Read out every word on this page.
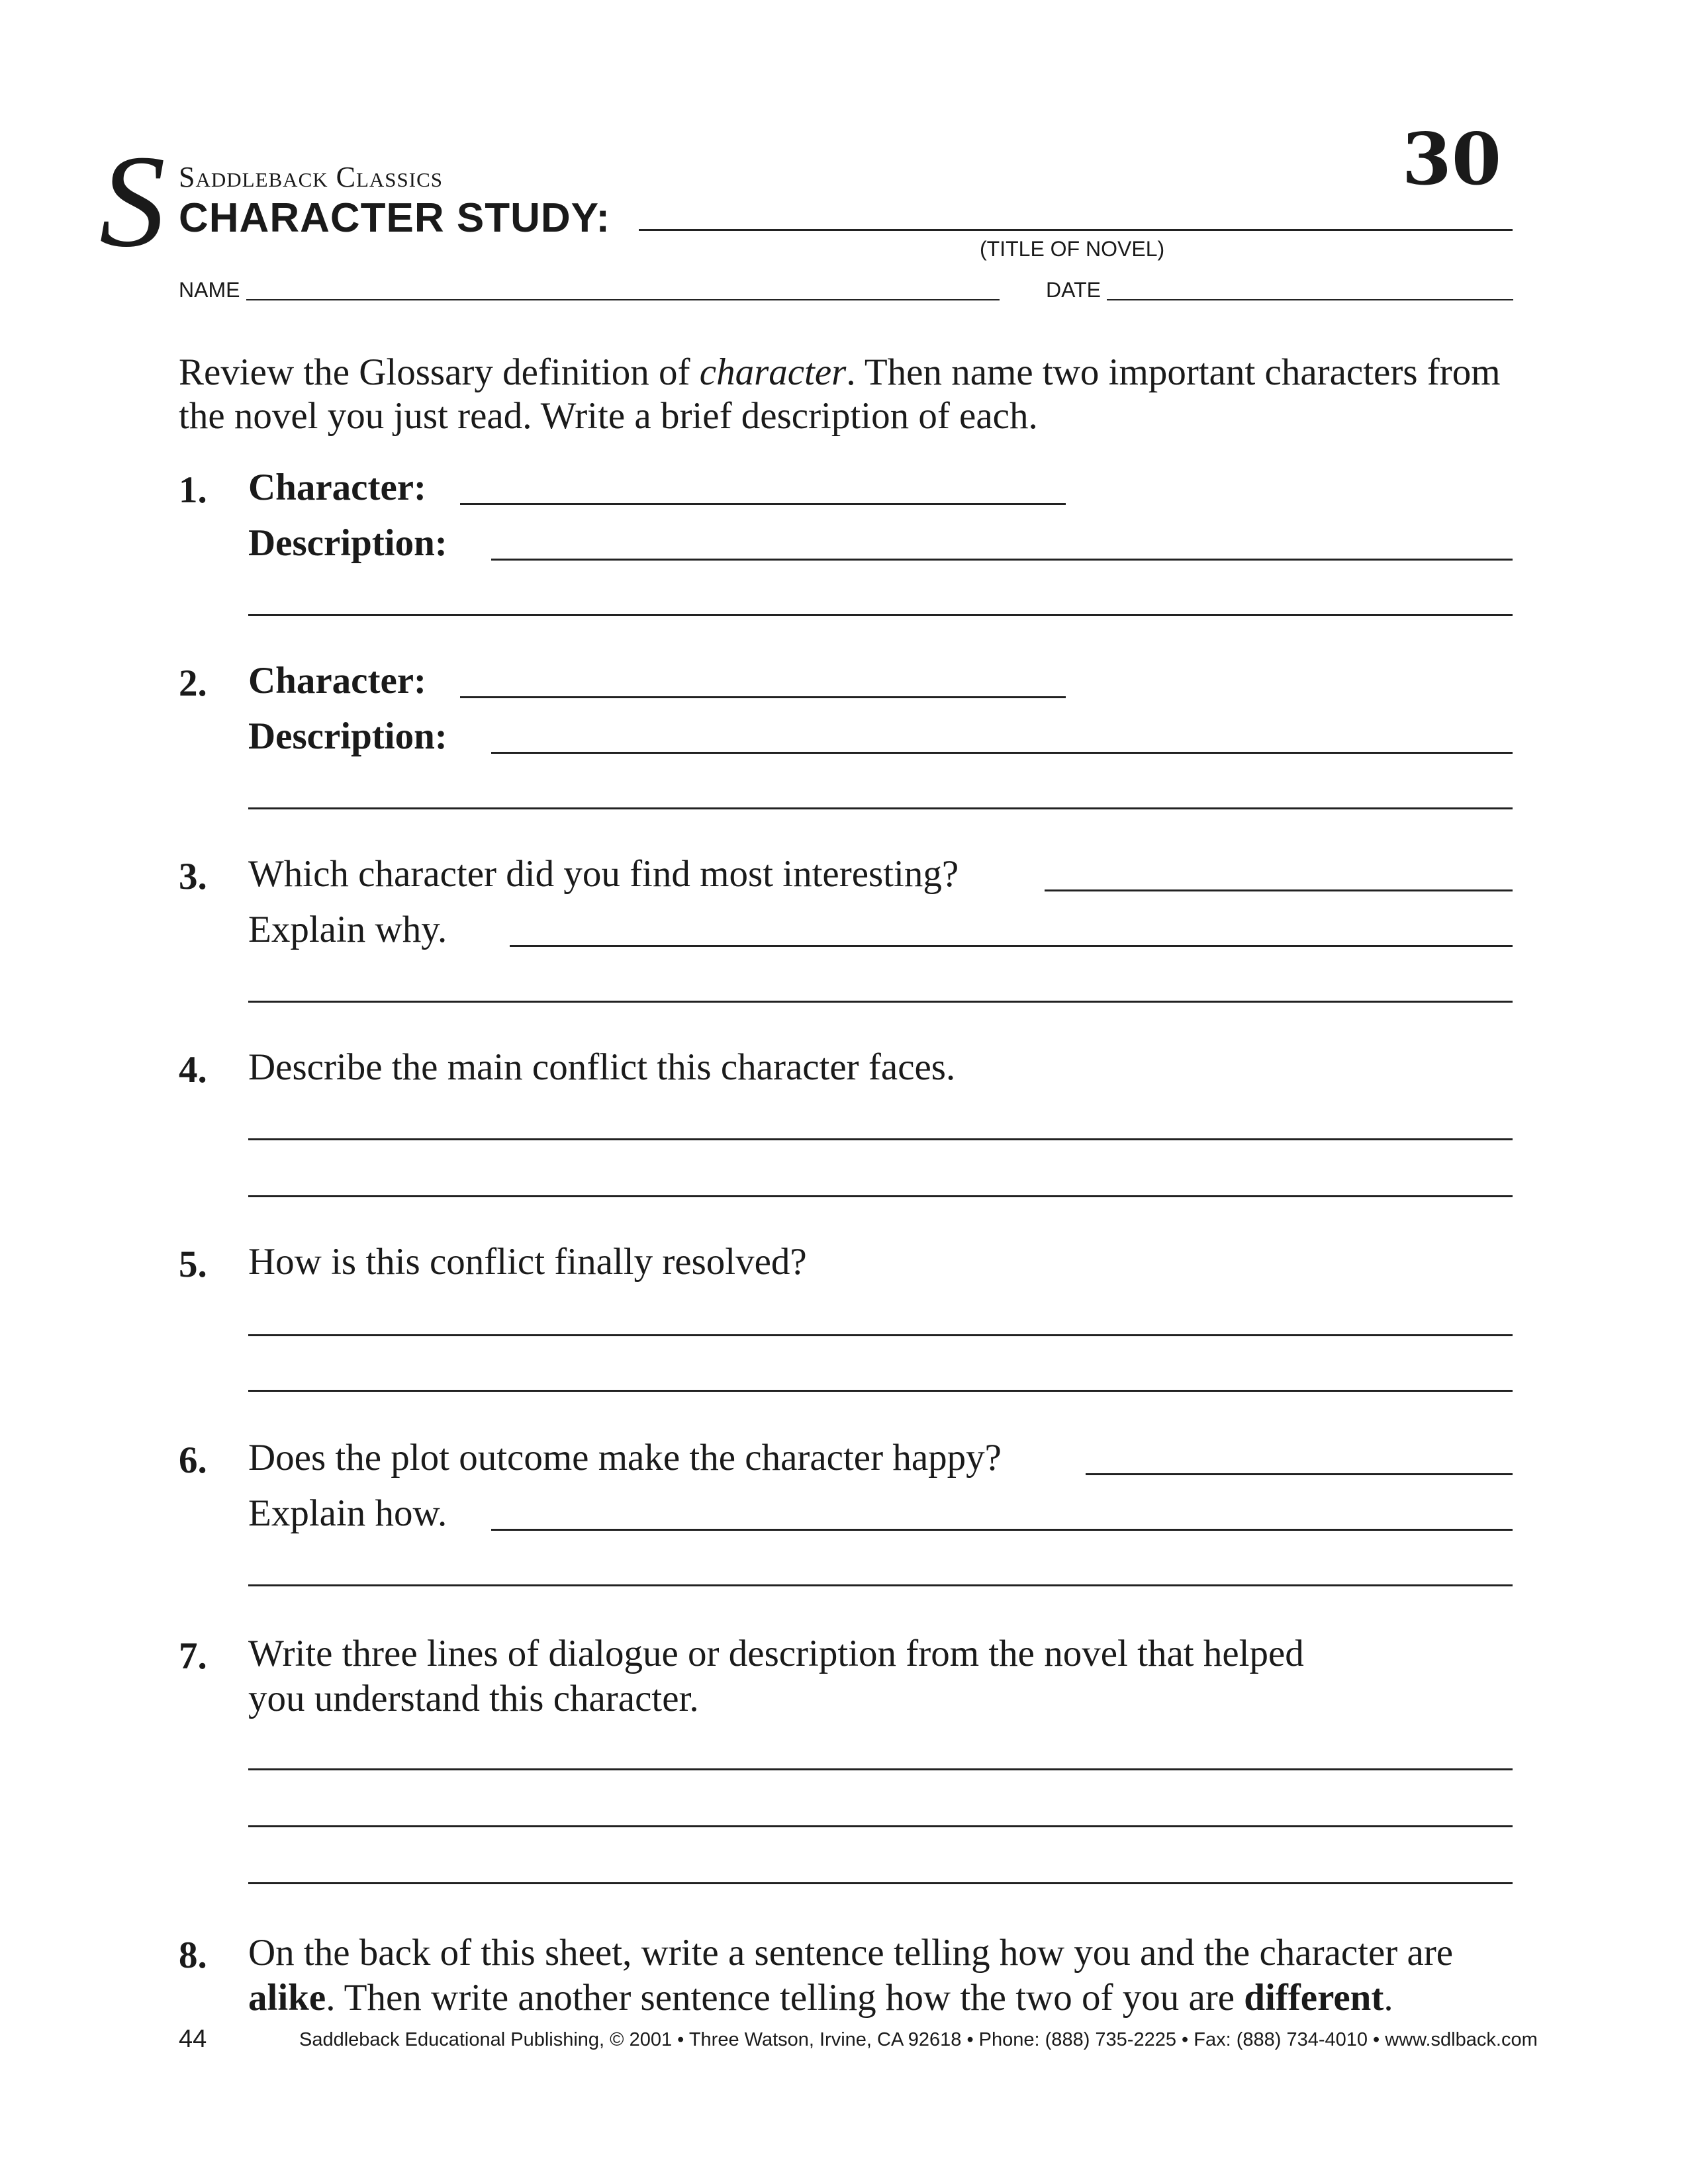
S Saddleback Classics
CHARACTER STUDY:
30
(TITLE OF NOVEL)
NAME	DATE
Review the Glossary definition of character. Then name two important characters from the novel you just read. Write a brief description of each.
1. Character:
Description:
2. Character:
Description:
3. Which character did you find most interesting?
Explain why.
4. Describe the main conflict this character faces.
5. How is this conflict finally resolved?
6. Does the plot outcome make the character happy?
Explain how.
7. Write three lines of dialogue or description from the novel that helped
you understand this character.
8. On the back of this sheet, write a sentence telling how you and the character are
alike. Then write another sentence telling how the two of you are different.
44	Saddleback Educational Publishing, © 2001 • Three Watson, Irvine, CA 92618 • Phone: (888) 735-2225 • Fax: (888) 734-4010 • www.sdlback.com
